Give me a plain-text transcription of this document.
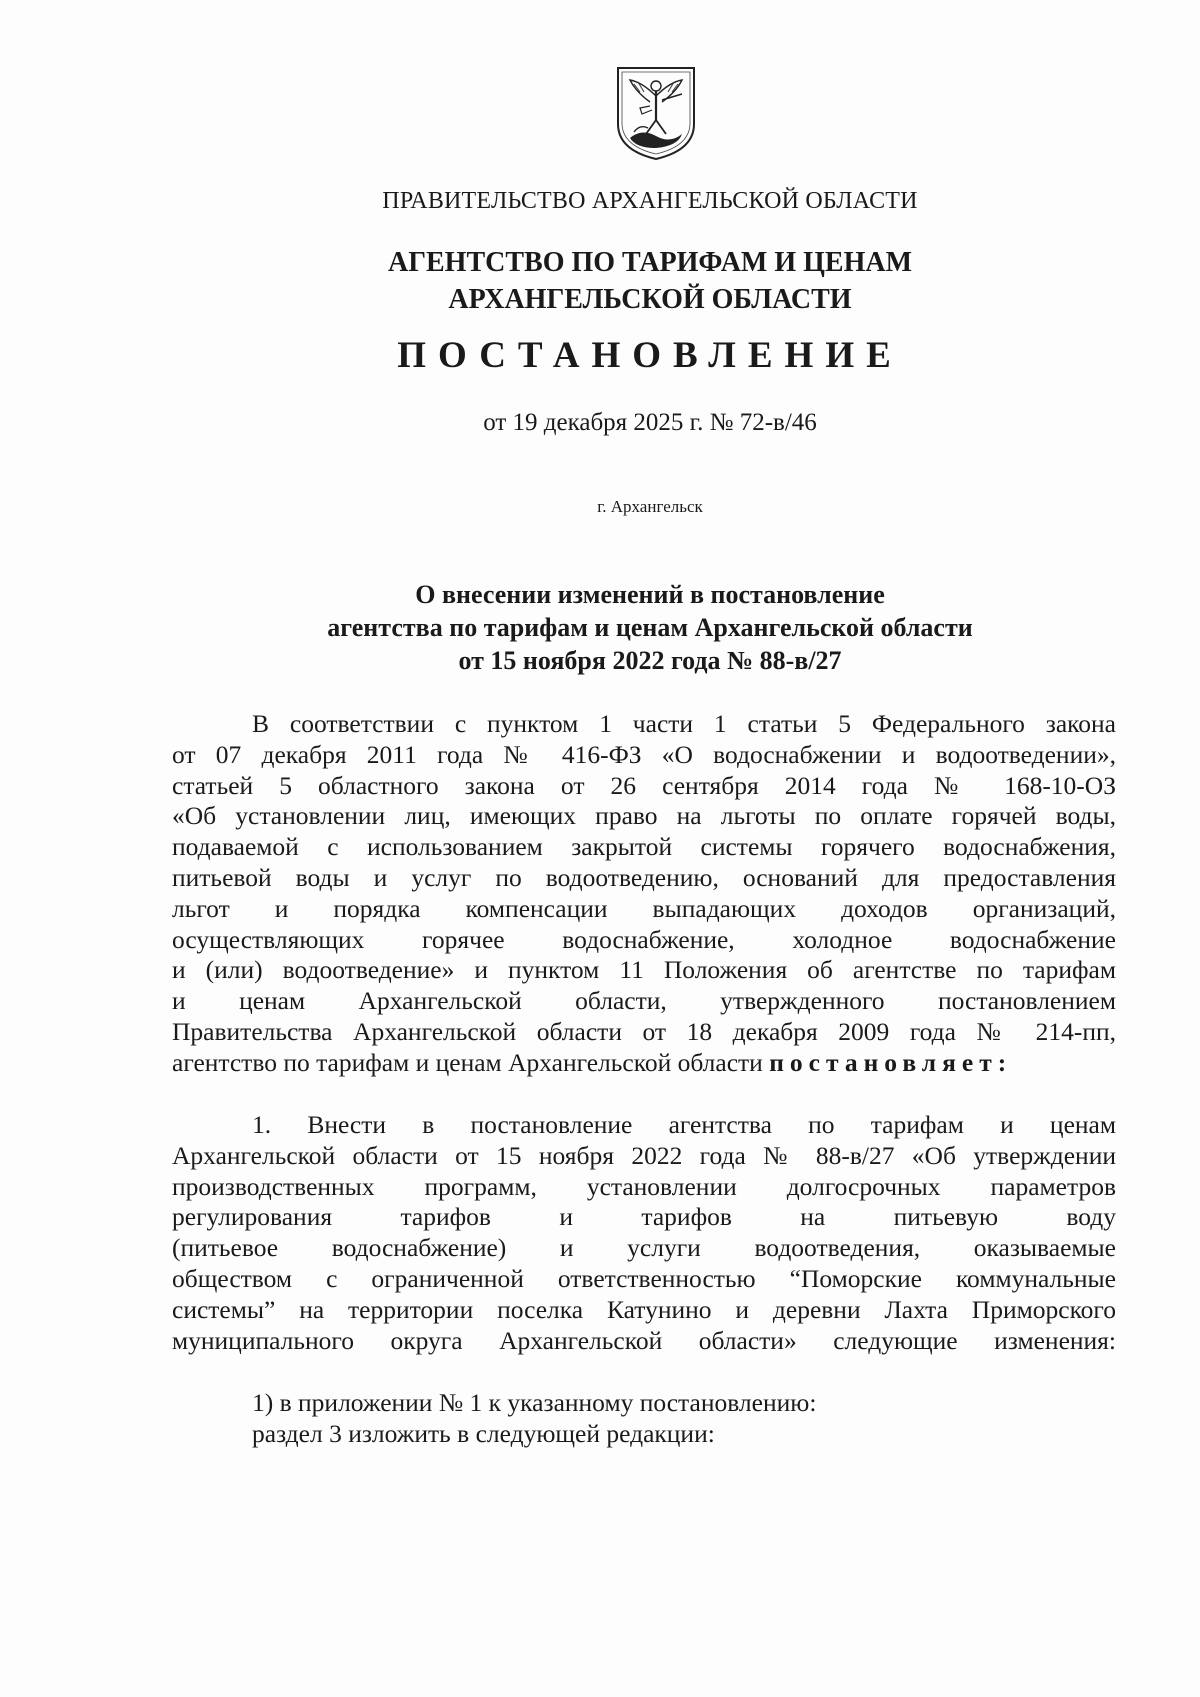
ПРАВИТЕЛЬСТВО АРХАНГЕЛЬСКОЙ ОБЛАСТИ
АГЕНТСТВО ПО ТАРИФАМ И ЦЕНАМ
АРХАНГЕЛЬСКОЙ ОБЛАСТИ
ПОСТАНОВЛЕНИЕ
от 19 декабря 2025 г. № 72-в/46
г. Архангельск
О внесении изменений в постановление
агентства по тарифам и ценам Архангельской области
от 15 ноября 2022 года № 88-в/27
В соответствии с пунктом 1 части 1 статьи 5 Федерального закона
от 07 декабря 2011 года № 416-ФЗ «О водоснабжении и водоотведении»,
статьей 5 областного закона от 26 сентября 2014 года № 168-10-ОЗ
«Об установлении лиц, имеющих право на льготы по оплате горячей воды,
подаваемой с использованием закрытой системы горячего водоснабжения,
питьевой воды и услуг по водоотведению, оснований для предоставления
льгот и порядка компенсации выпадающих доходов организаций,
осуществляющих горячее водоснабжение, холодное водоснабжение
и (или) водоотведение» и пунктом 11 Положения об агентстве по тарифам
и ценам Архангельской области, утвержденного постановлением
Правительства Архангельской области от 18 декабря 2009 года № 214-пп,
агентство по тарифам и ценам Архангельской области постановляет:
1. Внести в постановление агентства по тарифам и ценам
Архангельской области от 15 ноября 2022 года № 88-в/27 «Об утверждении
производственных программ, установлении долгосрочных параметров
регулирования тарифов и тарифов на питьевую воду
(питьевое водоснабжение) и услуги водоотведения, оказываемые
обществом с ограниченной ответственностью “Поморские коммунальные
системы” на территории поселка Катунино и деревни Лахта Приморского
муниципального округа Архангельской области» следующие изменения:
1) в приложении № 1 к указанному постановлению:
раздел 3 изложить в следующей редакции:
